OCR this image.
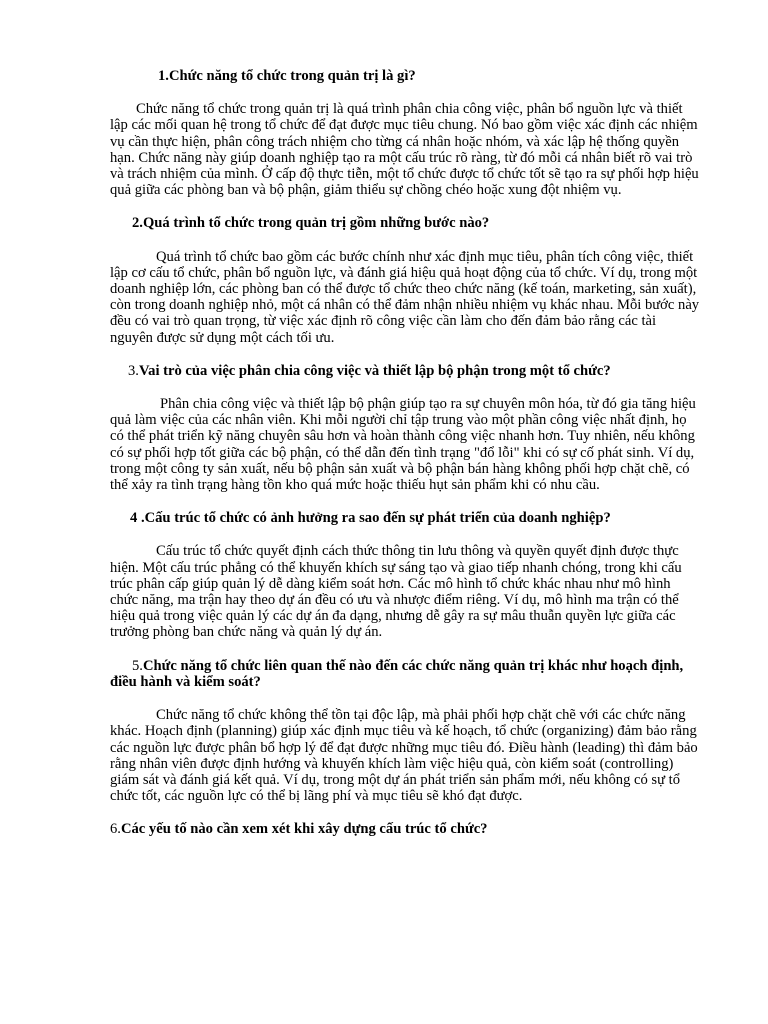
1.Chức năng tổ chức trong quản trị là gì?

Chức năng tổ chức trong quản trị là quá trình phân chia công việc, phân bổ nguồn lực và thiết lập các mối quan hệ trong tổ chức để đạt được mục tiêu chung. Nó bao gồm việc xác định các nhiệm vụ cần thực hiện, phân công trách nhiệm cho từng cá nhân hoặc nhóm, và xác lập hệ thống quyền hạn. Chức năng này giúp doanh nghiệp tạo ra một cấu trúc rõ ràng, từ đó mỗi cá nhân biết rõ vai trò và trách nhiệm của mình. Ở cấp độ thực tiễn, một tổ chức được tổ chức tốt sẽ tạo ra sự phối hợp hiệu quả giữa các phòng ban và bộ phận, giảm thiểu sự chồng chéo hoặc xung đột nhiệm vụ.

2.Quá trình tổ chức trong quản trị gồm những bước nào?

Quá trình tổ chức bao gồm các bước chính như xác định mục tiêu, phân tích công việc, thiết lập cơ cấu tổ chức, phân bổ nguồn lực, và đánh giá hiệu quả hoạt động của tổ chức. Ví dụ, trong một doanh nghiệp lớn, các phòng ban có thể được tổ chức theo chức năng (kế toán, marketing, sản xuất), còn trong doanh nghiệp nhỏ, một cá nhân có thể đảm nhận nhiều nhiệm vụ khác nhau. Mỗi bước này đều có vai trò quan trọng, từ việc xác định rõ công việc cần làm cho đến đảm bảo rằng các tài nguyên được sử dụng một cách tối ưu.

3.Vai trò của việc phân chia công việc và thiết lập bộ phận trong một tổ chức?

Phân chia công việc và thiết lập bộ phận giúp tạo ra sự chuyên môn hóa, từ đó gia tăng hiệu quả làm việc của các nhân viên. Khi mỗi người chỉ tập trung vào một phần công việc nhất định, họ có thể phát triển kỹ năng chuyên sâu hơn và hoàn thành công việc nhanh hơn. Tuy nhiên, nếu không có sự phối hợp tốt giữa các bộ phận, có thể dẫn đến tình trạng "đổ lỗi" khi có sự cố phát sinh. Ví dụ, trong một công ty sản xuất, nếu bộ phận sản xuất và bộ phận bán hàng không phối hợp chặt chẽ, có thể xảy ra tình trạng hàng tồn kho quá mức hoặc thiếu hụt sản phẩm khi có nhu cầu.

4 .Cấu trúc tổ chức có ảnh hưởng ra sao đến sự phát triển của doanh nghiệp?

Cấu trúc tổ chức quyết định cách thức thông tin lưu thông và quyền quyết định được thực hiện. Một cấu trúc phẳng có thể khuyến khích sự sáng tạo và giao tiếp nhanh chóng, trong khi cấu trúc phân cấp giúp quản lý dễ dàng kiểm soát hơn. Các mô hình tổ chức khác nhau như mô hình chức năng, ma trận hay theo dự án đều có ưu và nhược điểm riêng. Ví dụ, mô hình ma trận có thể hiệu quả trong việc quản lý các dự án đa dạng, nhưng dễ gây ra sự mâu thuẫn quyền lực giữa các trưởng phòng ban chức năng và quản lý dự án.

5.Chức năng tổ chức liên quan thế nào đến các chức năng quản trị khác như hoạch định, điều hành và kiểm soát?

Chức năng tổ chức không thể tồn tại độc lập, mà phải phối hợp chặt chẽ với các chức năng khác. Hoạch định (planning) giúp xác định mục tiêu và kế hoạch, tổ chức (organizing) đảm bảo rằng các nguồn lực được phân bổ hợp lý để đạt được những mục tiêu đó. Điều hành (leading) thì đảm bảo rằng nhân viên được định hướng và khuyến khích làm việc hiệu quả, còn kiểm soát (controlling) giám sát và đánh giá kết quả. Ví dụ, trong một dự án phát triển sản phẩm mới, nếu không có sự tổ chức tốt, các nguồn lực có thể bị lãng phí và mục tiêu sẽ khó đạt được.

6.Các yếu tố nào cần xem xét khi xây dựng cấu trúc tổ chức?
